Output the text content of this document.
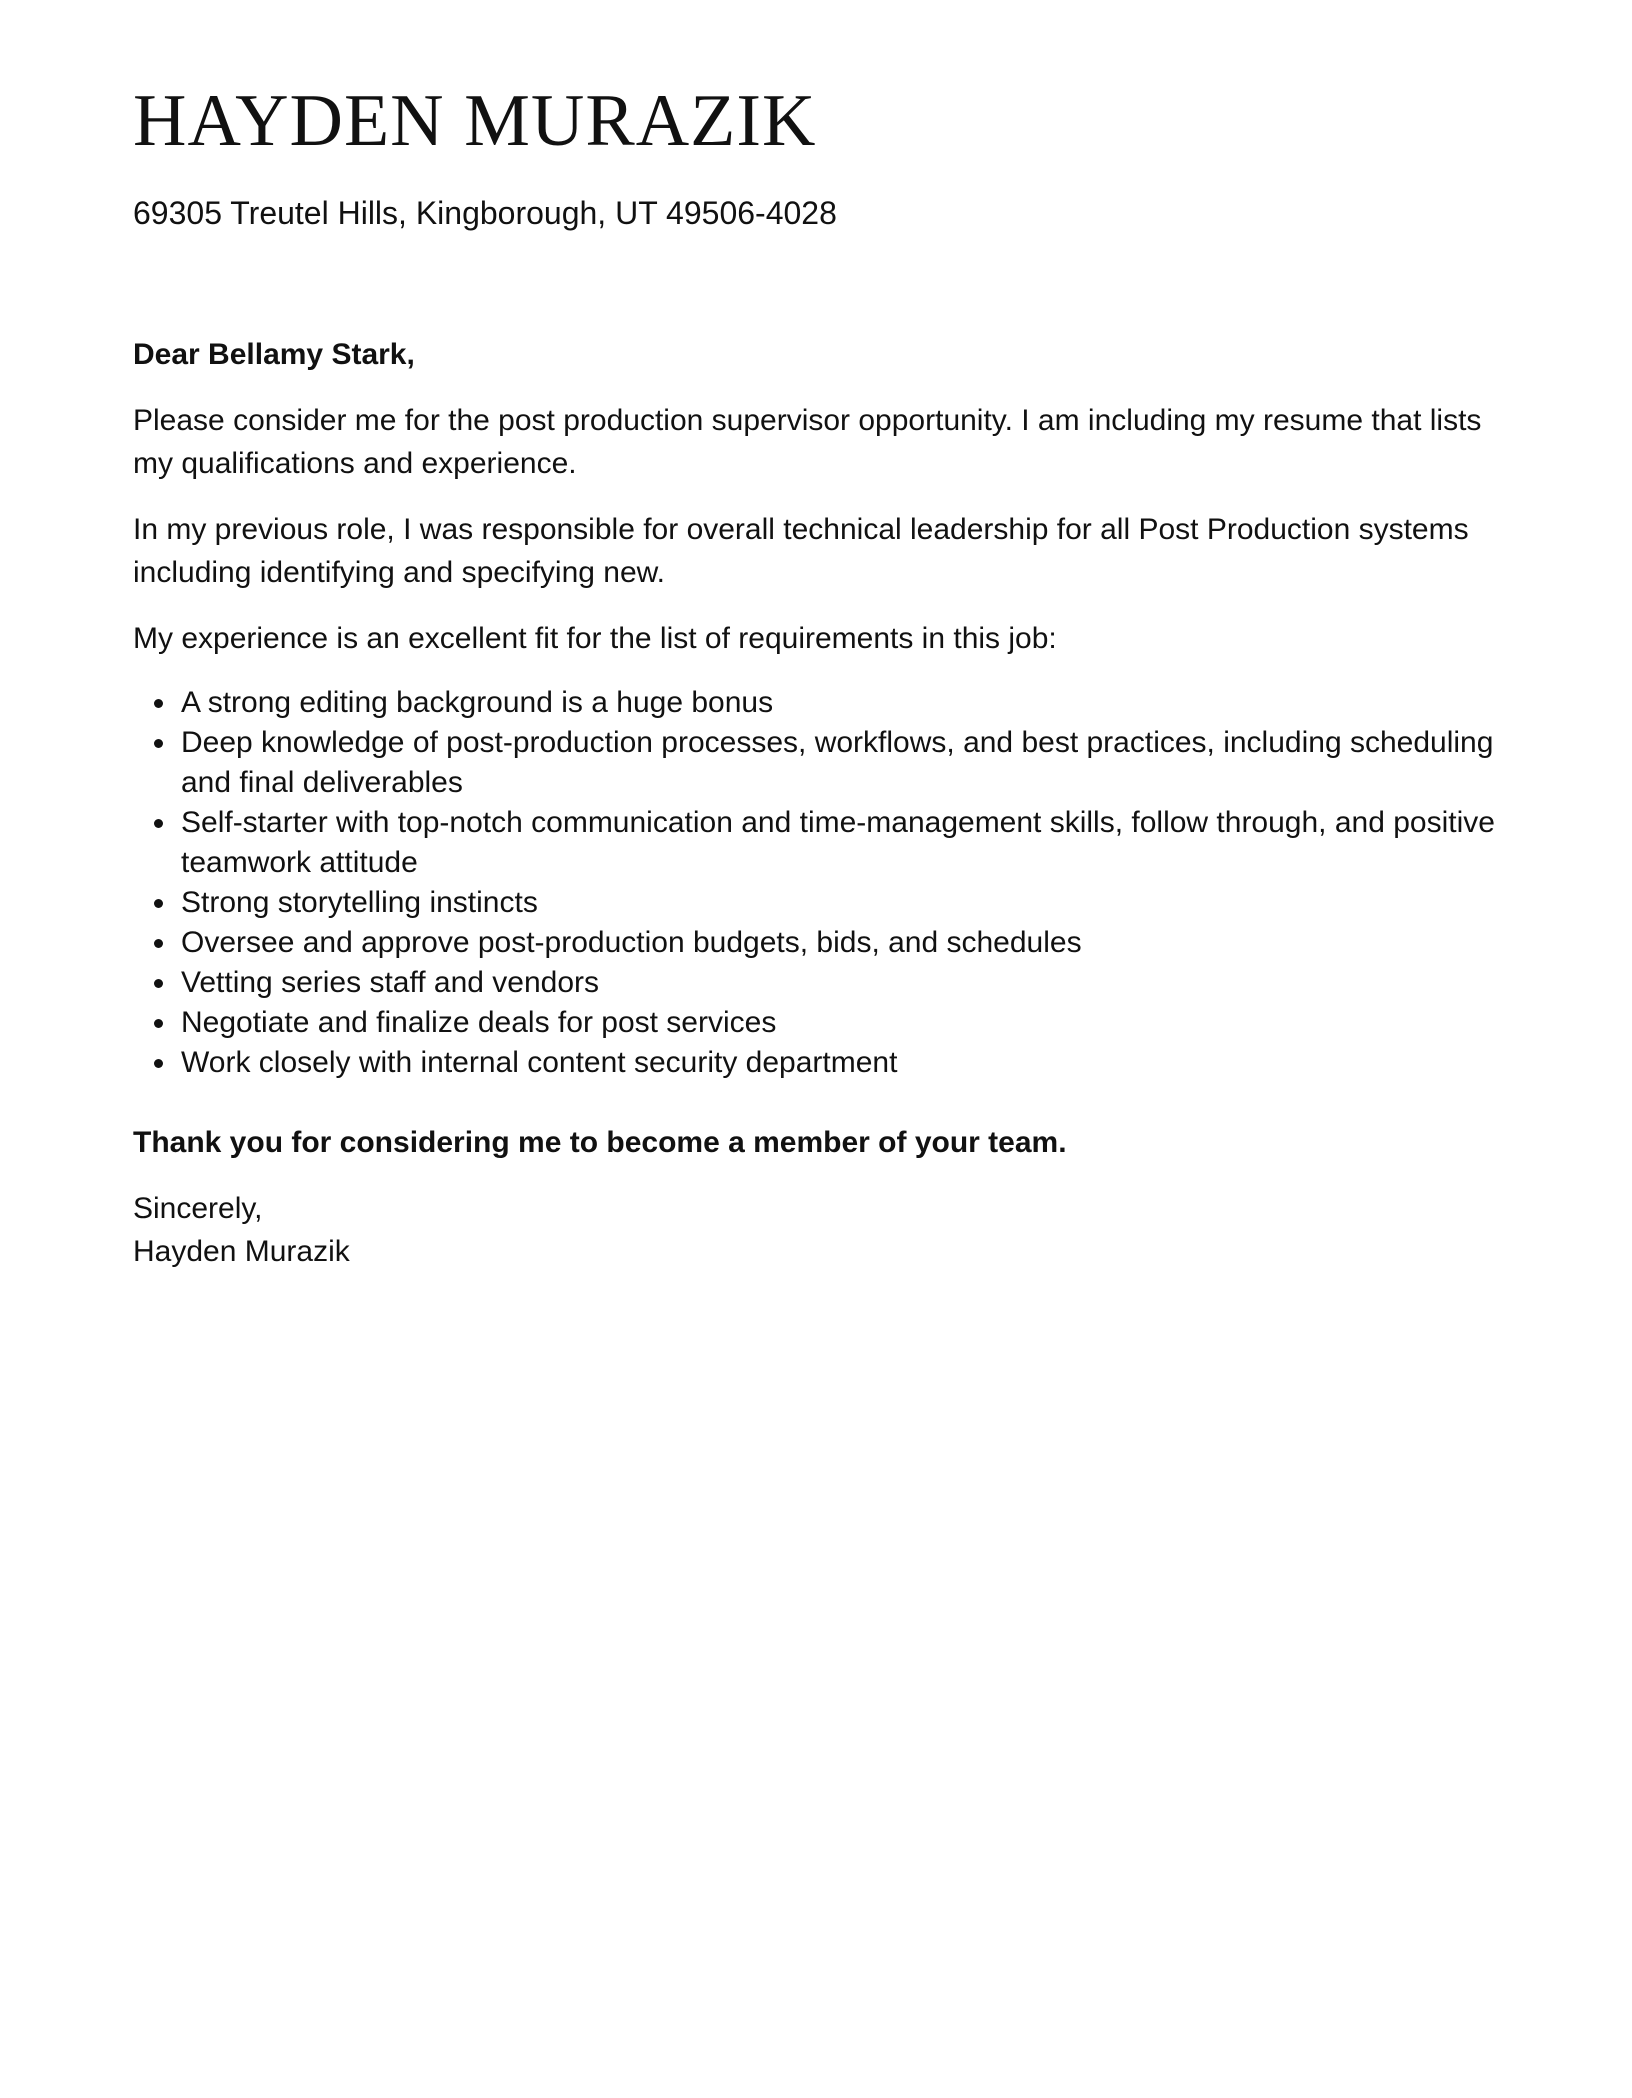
HAYDEN MURAZIK
69305 Treutel Hills, Kingborough, UT 49506-4028

Dear Bellamy Stark,

Please consider me for the post production supervisor opportunity. I am including my resume that lists my qualifications and experience.

In my previous role, I was responsible for overall technical leadership for all Post Production systems including identifying and specifying new.

My experience is an excellent fit for the list of requirements in this job:

A strong editing background is a huge bonus
Deep knowledge of post-production processes, workflows, and best practices, including scheduling and final deliverables
Self-starter with top-notch communication and time-management skills, follow through, and positive teamwork attitude
Strong storytelling instincts
Oversee and approve post-production budgets, bids, and schedules
Vetting series staff and vendors
Negotiate and finalize deals for post services
Work closely with internal content security department

Thank you for considering me to become a member of your team.

Sincerely,
Hayden Murazik
